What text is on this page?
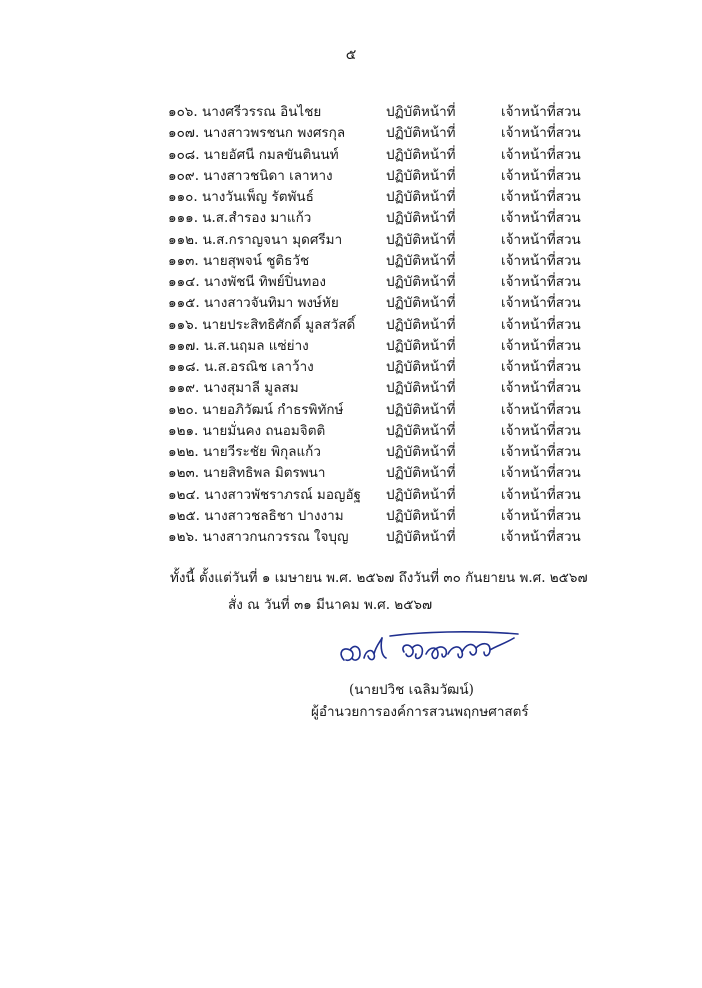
๕
๑๐๖. นางศรีวรรณ อินไชย	ปฏิบัติหน้าที่	เจ้าหน้าที่สวน
๑๐๗. นางสาวพรชนก พงศรกุล	ปฏิบัติหน้าที่	เจ้าหน้าที่สวน
๑๐๘. นายอัศนี กมลขันตินนท์	ปฏิบัติหน้าที่	เจ้าหน้าที่สวน
๑๐๙. นางสาวชนิดา เลาหาง	ปฏิบัติหน้าที่	เจ้าหน้าที่สวน
๑๑๐. นางวันเพ็ญ รัตพันธ์	ปฏิบัติหน้าที่	เจ้าหน้าที่สวน
๑๑๑. น.ส.สำรอง มาแก้ว	ปฏิบัติหน้าที่	เจ้าหน้าที่สวน
๑๑๒. น.ส.กราญจนา มุดศรีมา	ปฏิบัติหน้าที่	เจ้าหน้าที่สวน
๑๑๓. นายสุพจน์ ชูติธวัช	ปฏิบัติหน้าที่	เจ้าหน้าที่สวน
๑๑๔. นางพัชนี ทิพย์ปิ่นทอง	ปฏิบัติหน้าที่	เจ้าหน้าที่สวน
๑๑๕. นางสาวจันทิมา พงษ์หัย	ปฏิบัติหน้าที่	เจ้าหน้าที่สวน
๑๑๖. นายประสิทธิศักดิ์ มูลสวัสดิ์ ปฏิบัติหน้าที่	เจ้าหน้าที่สวน
๑๑๗. น.ส.นฤมล แซ่ย่าง	ปฏิบัติหน้าที่	เจ้าหน้าที่สวน
๑๑๘. น.ส.อรณิช เลาว้าง	ปฏิบัติหน้าที่	เจ้าหน้าที่สวน
๑๑๙. นางสุมาลี มูลสม	ปฏิบัติหน้าที่	เจ้าหน้าที่สวน
๑๒๐. นายอภิวัฒน์ กำธรพิทักษ์	ปฏิบัติหน้าที่	เจ้าหน้าที่สวน
๑๒๑. นายมั่นคง ถนอมจิตติ	ปฏิบัติหน้าที่	เจ้าหน้าที่สวน
๑๒๒. นายวีระชัย พิกุลแก้ว	ปฏิบัติหน้าที่	เจ้าหน้าที่สวน
๑๒๓. นายสิทธิพล มิตรพนา	ปฏิบัติหน้าที่	เจ้าหน้าที่สวน
๑๒๔. นางสาวพัชราภรณ์ มอญอัฐ ปฏิบัติหน้าที่	เจ้าหน้าที่สวน
๑๒๕. นางสาวชลธิชา ปางงาม	ปฏิบัติหน้าที่	เจ้าหน้าที่สวน
๑๒๖. นางสาวกนกวรรณ ใจบุญ	ปฏิบัติหน้าที่	เจ้าหน้าที่สวน
ทั้งนี้ ตั้งแต่วันที่ ๑ เมษายน พ.ศ. ๒๕๖๗ ถึงวันที่ ๓๐ กันยายน พ.ศ. ๒๕๖๗
สั่ง ณ วันที่ ๓๑ มีนาคม พ.ศ. ๒๕๖๗
(นายปวิช เฉลิมวัฒน์)
ผู้อำนวยการองค์การสวนพฤกษศาสตร์
